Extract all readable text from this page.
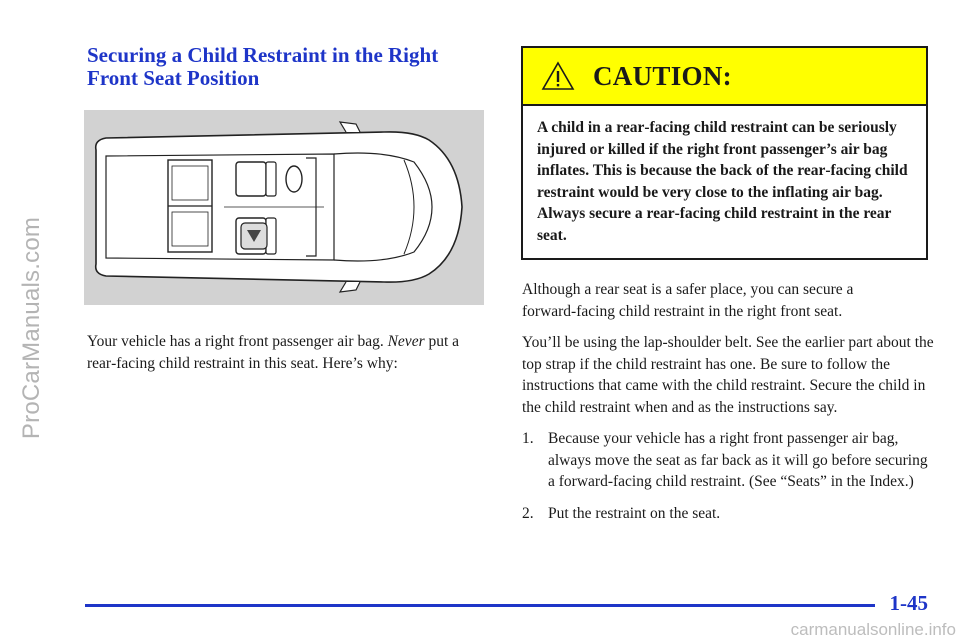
ProCarManuals.com
Securing a Child Restraint in the Right Front Seat Position

Your vehicle has a right front passenger air bag. Never put a rear‑facing child restraint in this seat. Here’s why:

CAUTION:
A child in a rear‑facing child restraint can be seriously injured or killed if the right front passenger’s air bag inflates. This is because the back of the rear‑facing child restraint would be very close to the inflating air bag. Always secure a rear‑facing child restraint in the rear seat.

Although a rear seat is a safer place, you can secure a forward‑facing child restraint in the right front seat.

You’ll be using the lap‑shoulder belt. See the earlier part about the top strap if the child restraint has one. Be sure to follow the instructions that came with the child restraint. Secure the child in the child restraint when and as the instructions say.

1. Because your vehicle has a right front passenger air bag, always move the seat as far back as it will go before securing a forward‑facing child restraint. (See “Seats” in the Index.)
2. Put the restraint on the seat.
1-45
carmanualsonline.info
